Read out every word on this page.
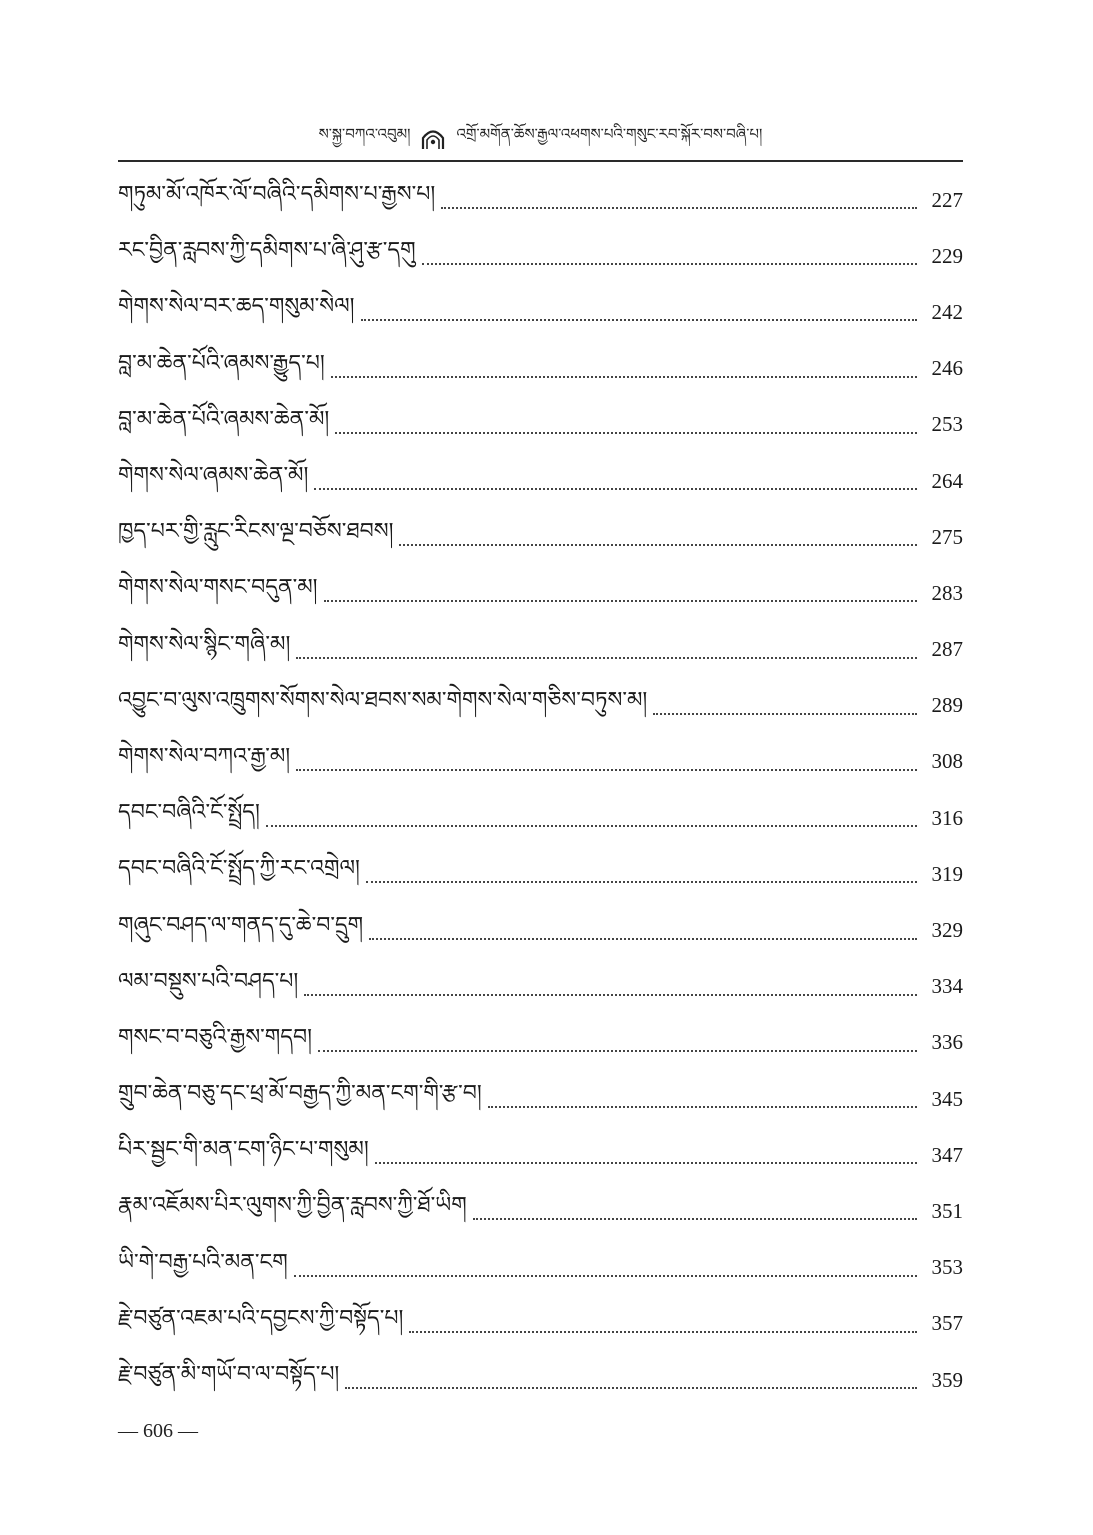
ས་སྐྱ་བཀའ་འབུམ།	འགྲོ་མགོན་ཆོས་རྒྱལ་འཕགས་པའི་གསུང་རབ་སྐོར་བས་བཞི་པ།
གཏུམ་མོ་འཁོར་ལོ་བཞིའི་དམིགས་པ་རྒྱས་པ།	227
རང་བྱིན་རླབས་ཀྱི་དམིགས་པ་ཞི་ཤུ་རྩ་དགུ	229
གེགས་སེལ་བར་ཆད་གསུམ་སེལ།	242
བླ་མ་ཆེན་པོའི་ཞམས་རྒྱུད་པ།	246
བླ་མ་ཆེན་པོའི་ཞམས་ཆེན་མོ།	253
གེགས་སེལ་ཞམས་ཆེན་མོ།	264
ཁྱད་པར་གྱི་རླུང་རིངས་ལྔ་བཅོས་ཐབས།	275
གེགས་སེལ་གསང་བདུན་མ།	283
གེགས་སེལ་སྙིང་གཞི་མ།	287
འབྱུང་བ་ལུས་འཁྲུགས་སོགས་སེལ་ཐབས་སམ་གེགས་སེལ་གཅིས་བཏུས་མ།	289
གེགས་སེལ་བཀའ་རྒྱ་མ།	308
དབང་བཞིའི་ངོ་སྤྲོད།	316
དབང་བཞིའི་ངོ་སྤྲོད་ཀྱི་རང་འགྲེལ།	319
གཞུང་བཤད་ལ་གནད་དུ་ཆེ་བ་དྲུག	329
ལམ་བསྡུས་པའི་བཤད་པ།	334
གསང་བ་བཅུའི་རྒྱས་གདབ།	336
གྲུབ་ཆེན་བཅུ་དང་ཕྲ་མོ་བརྒྱད་ཀྱི་མན་ངག་གི་རྩ་བ།	345
པིར་སྦྱང་གི་མན་ངག་ཉིང་པ་གསུམ།	347
རྣམ་འཇོམས་པིར་ལུགས་ཀྱི་བྱིན་རླབས་ཀྱི་ཐོ་ཡིག	351
ཡི་གེ་བརྒྱ་པའི་མན་ངག	353
རྗེ་བཙུན་འཇམ་པའི་དབྱངས་ཀྱི་བསྟོད་པ།	357
རྗེ་བཙུན་མི་གཡོ་བ་ལ་བསྟོད་པ།	359
— 606 —
